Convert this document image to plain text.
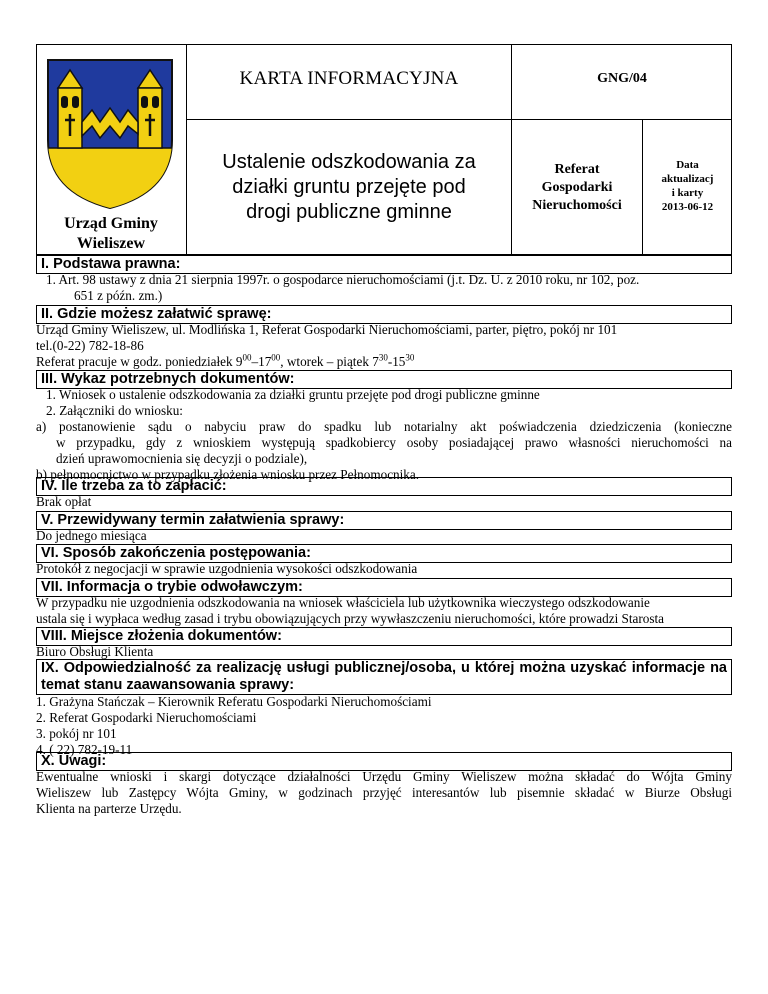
Urząd Gminy
Wieliszew
KARTA INFORMACYJNA	GNG/04
Ustalenie odszkodowania za
działki gruntu przejęte pod
drogi publiczne gminne
Referat
Gospodarki
Nieruchomości
Data
aktualizacj
i karty
2013-06-12
I. Podstawa prawna:
1. Art. 98 ustawy z dnia 21 sierpnia 1997r. o gospodarce nieruchomościami (j.t. Dz. U. z 2010 roku, nr 102, poz.
651 z późn. zm.)
II. Gdzie możesz załatwić sprawę:
Urząd Gminy Wieliszew, ul. Modlińska 1, Referat Gospodarki Nieruchomościami, parter, piętro, pokój nr 101
tel.(0-22) 782-18-86
Referat pracuje w godz. poniedziałek $9^{00}-17^{00}$, wtorek – piątek $7^{30}-15^{30}$
III. Wykaz potrzebnych dokumentów:
1. Wniosek o ustalenie odszkodowania za działki gruntu przejęte pod drogi publiczne gminne
2. Załączniki do wniosku:
a) postanowienie sądu o nabyciu praw do spadku lub notarialny akt poświadczenia dziedziczenia (konieczne
w przypadku, gdy z wnioskiem występują spadkobiercy osoby posiadającej prawo własności nieruchomości na
dzień uprawomocnienia się decyzji o podziale),
b) pełnomocnictwo w przypadku złożenia wniosku przez Pełnomocnika.
IV. Ile trzeba za to zapłacić:
Brak opłat
V. Przewidywany termin załatwienia sprawy:
Do jednego miesiąca
VI. Sposób zakończenia postępowania:
Protokół z negocjacji w sprawie uzgodnienia wysokości odszkodowania
VII. Informacja o trybie odwoławczym:
W przypadku nie uzgodnienia odszkodowania na wniosek właściciela lub użytkownika wieczystego odszkodowanie
ustala się i wypłaca według zasad i trybu obowiązujących przy wywłaszczeniu nieruchomości, które prowadzi Starosta
VIII. Miejsce złożenia dokumentów:
Biuro Obsługi Klienta
IX. Odpowiedzialność za realizację usługi publicznej/osoba, u której można uzyskać informacje na
temat stanu zaawansowania sprawy:
1. Grażyna Stańczak – Kierownik Referatu Gospodarki Nieruchomościami
2. Referat Gospodarki Nieruchomościami
3. pokój nr 101
4. ( 22) 782-19-11
X. Uwagi:
Ewentualne wnioski i skargi dotyczące działalności Urzędu Gminy Wieliszew można składać do Wójta Gminy
Wieliszew lub Zastępcy Wójta Gminy, w godzinach przyjęć interesantów lub pisemnie składać w Biurze Obsługi
Klienta na parterze Urzędu.
